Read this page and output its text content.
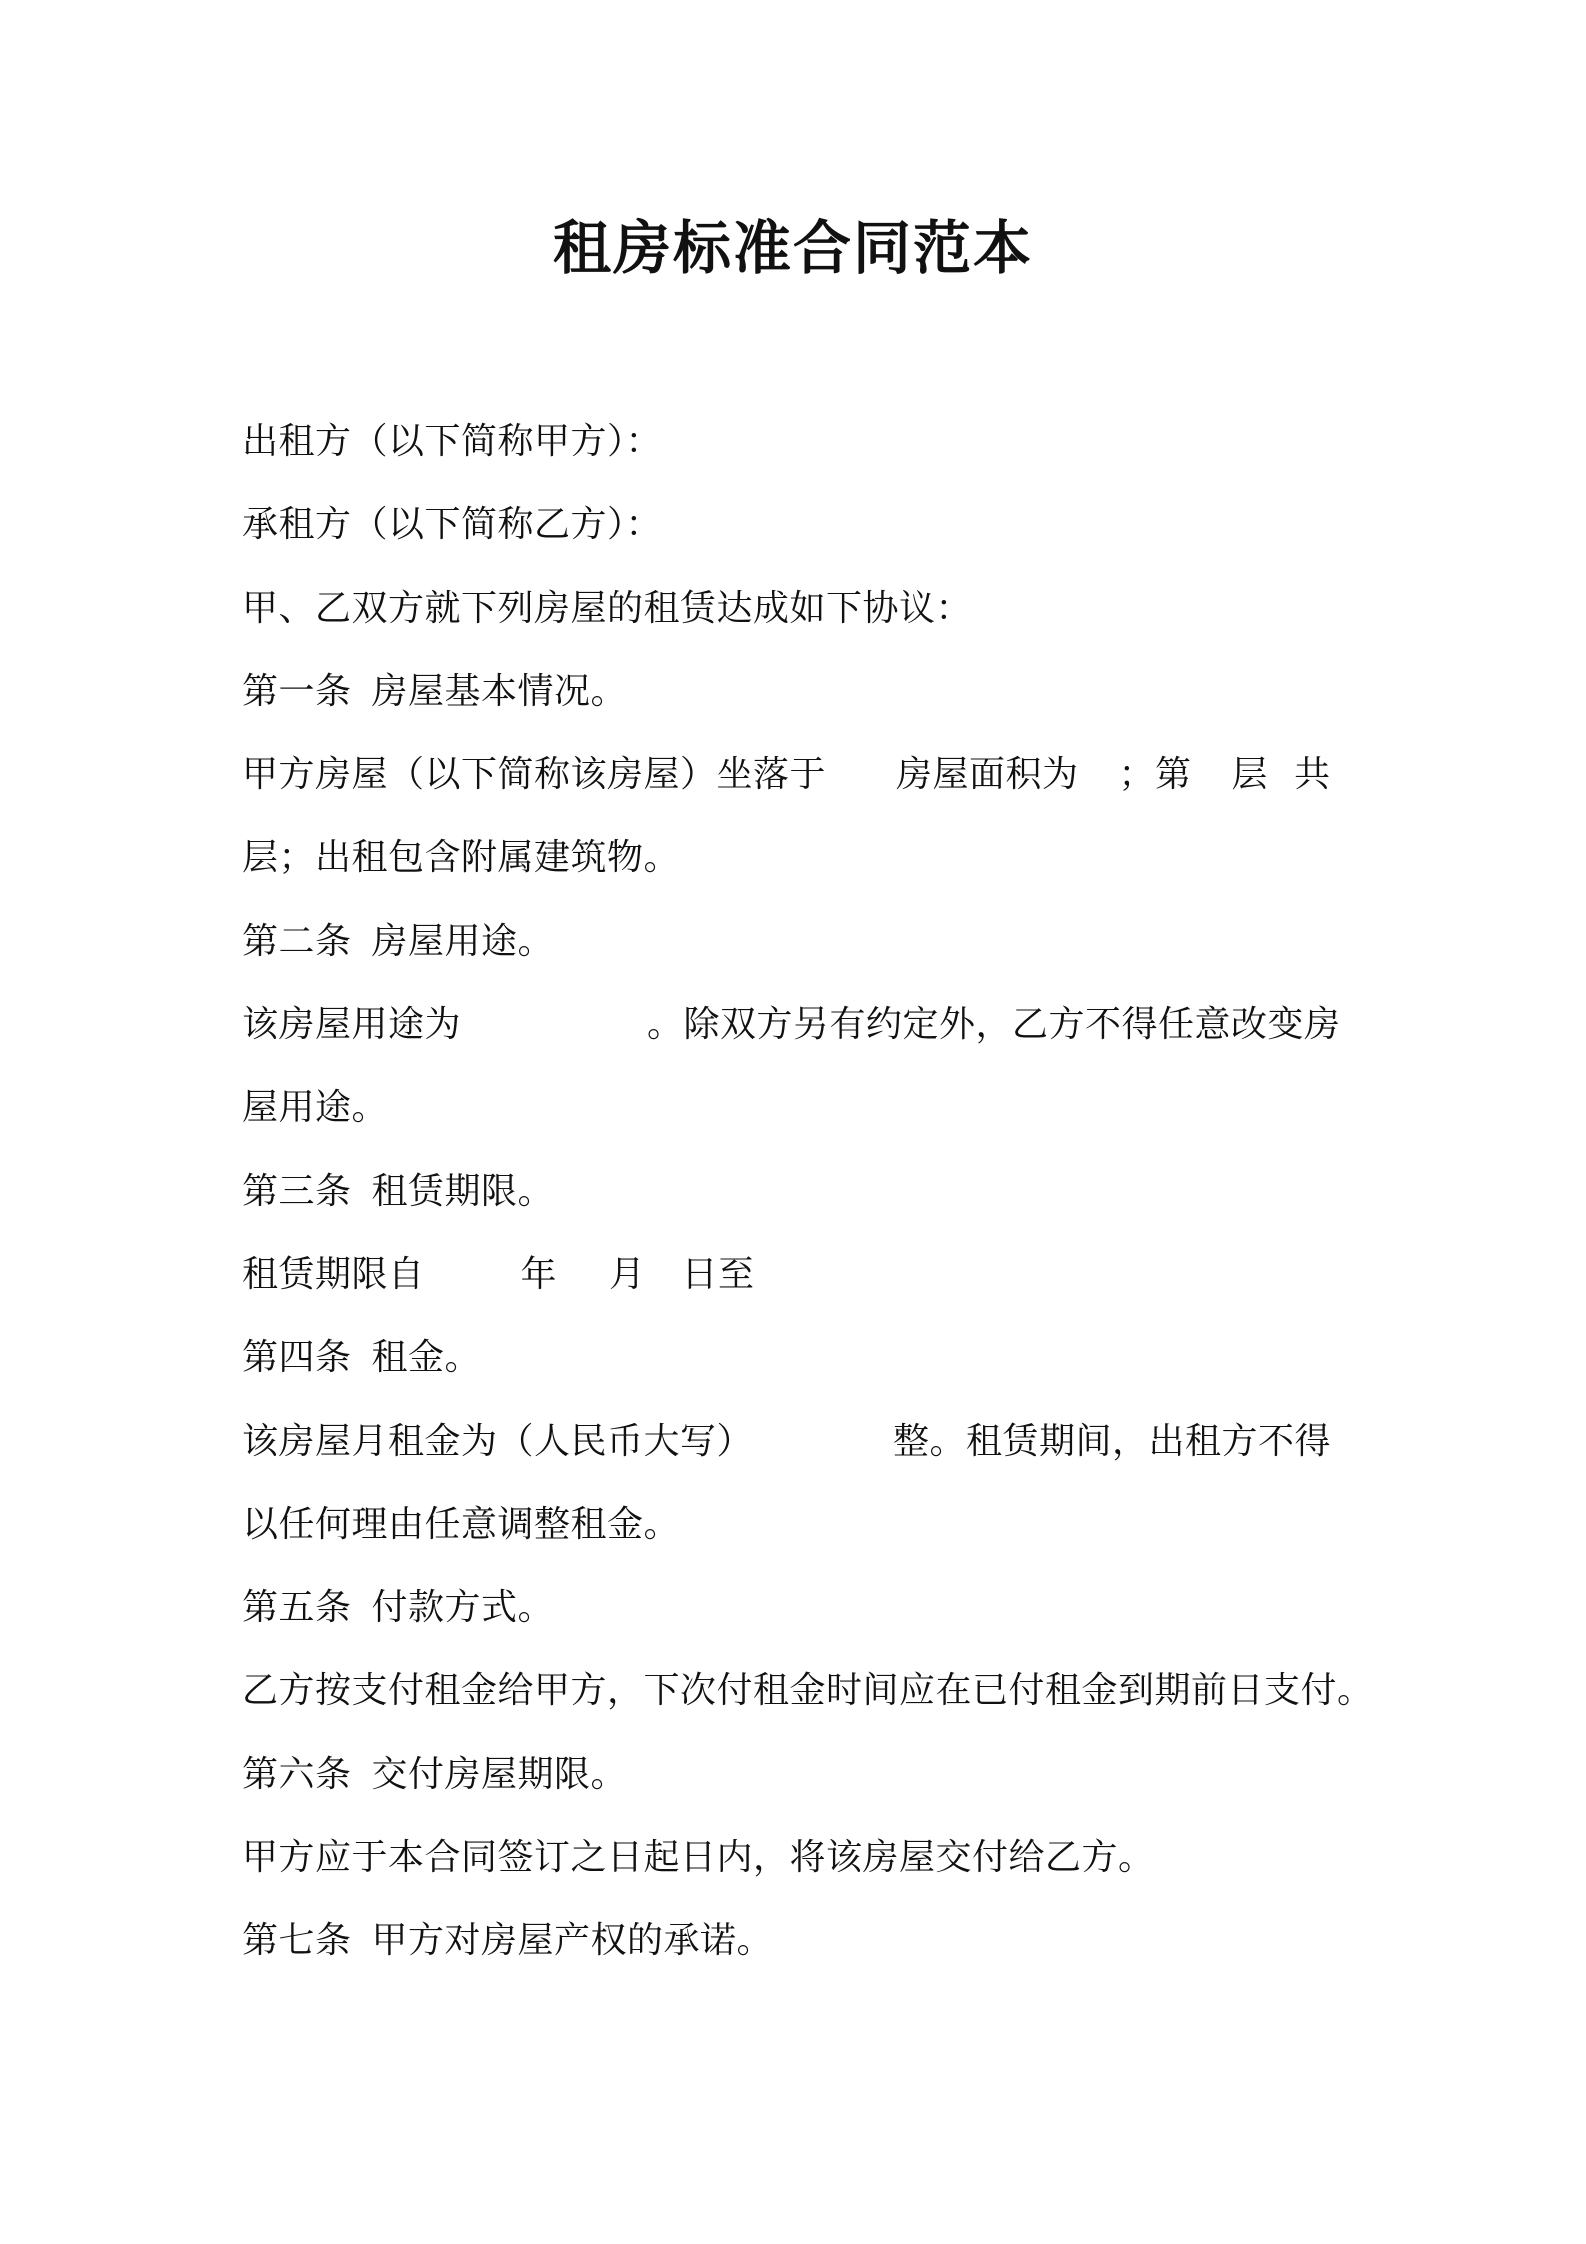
租房标准合同范本
出租方（以下简称甲方）：
承租方（以下简称乙方）：
甲、乙双方就下列房屋的租赁达成如下协议：
第一条 房屋基本情况。
甲方房屋（以下简称该房屋）坐落于 房屋面积为 ；第 层 共
层；出租包含附属建筑物。
第二条 房屋用途。
该房屋用途为	。除双方另有约定外，乙方不得任意改变房
屋用途。
第三条 租赁期限。
租赁期限自	年 月 日至
第四条 租金。
该房屋月租金为（人民币大写）	整。租赁期间，出租方不得
以任何理由任意调整租金。
第五条 付款方式。
乙方按支付租金给甲方，下次付租金时间应在已付租金到期前日支付。
第六条 交付房屋期限。
甲方应于本合同签订之日起日内，将该房屋交付给乙方。
第七条 甲方对房屋产权的承诺。
